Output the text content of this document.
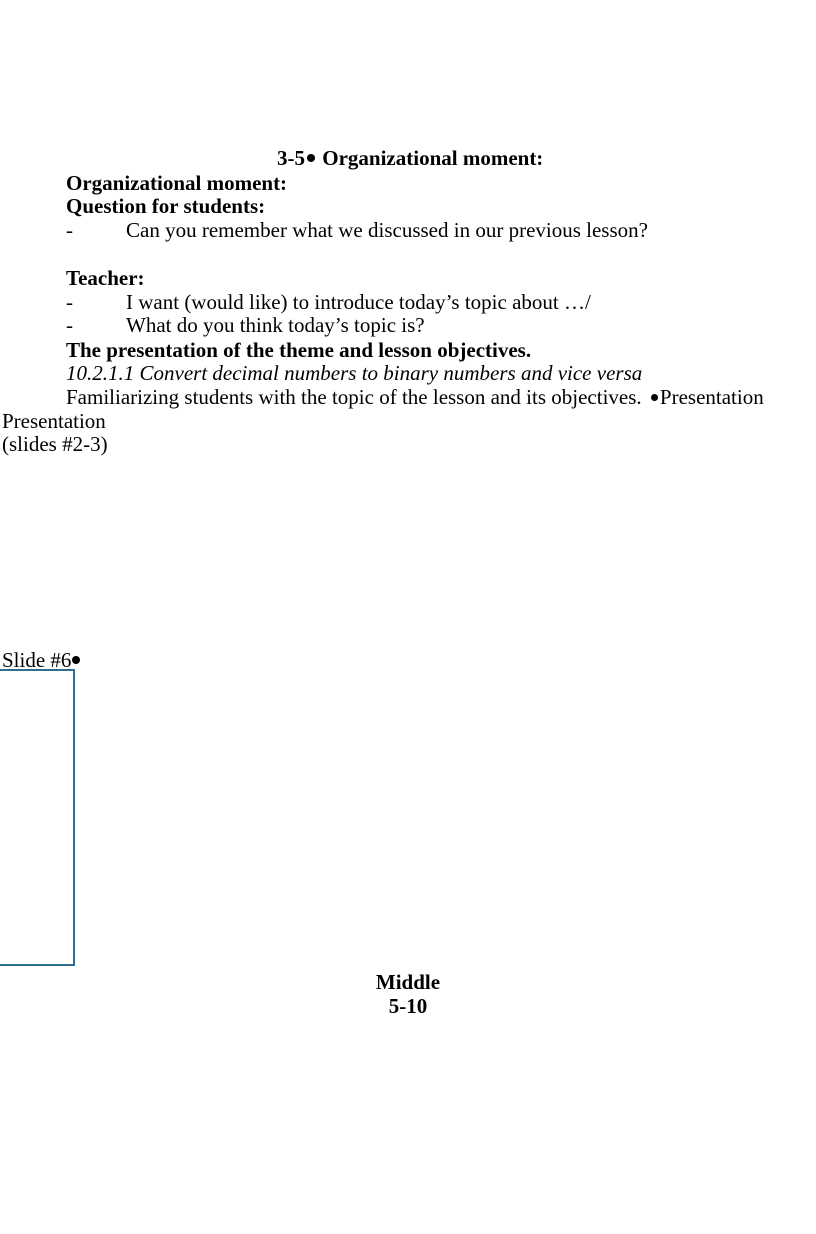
3-5 Organizational moment:
Organizational moment:
Question for students:
-	Can you remember what we discussed in our previous lesson?
Teacher:
-	I want (would like) to introduce today’s topic about …/
-	What do you think today’s topic is?
The presentation of the theme and lesson objectives.
10.2.1.1 Convert decimal numbers to binary numbers and vice versa
Familiarizing students with the topic of the lesson and its objectives. Presentation
Presentation
(slides #2-3)
Slide #6
Middle
5-10
